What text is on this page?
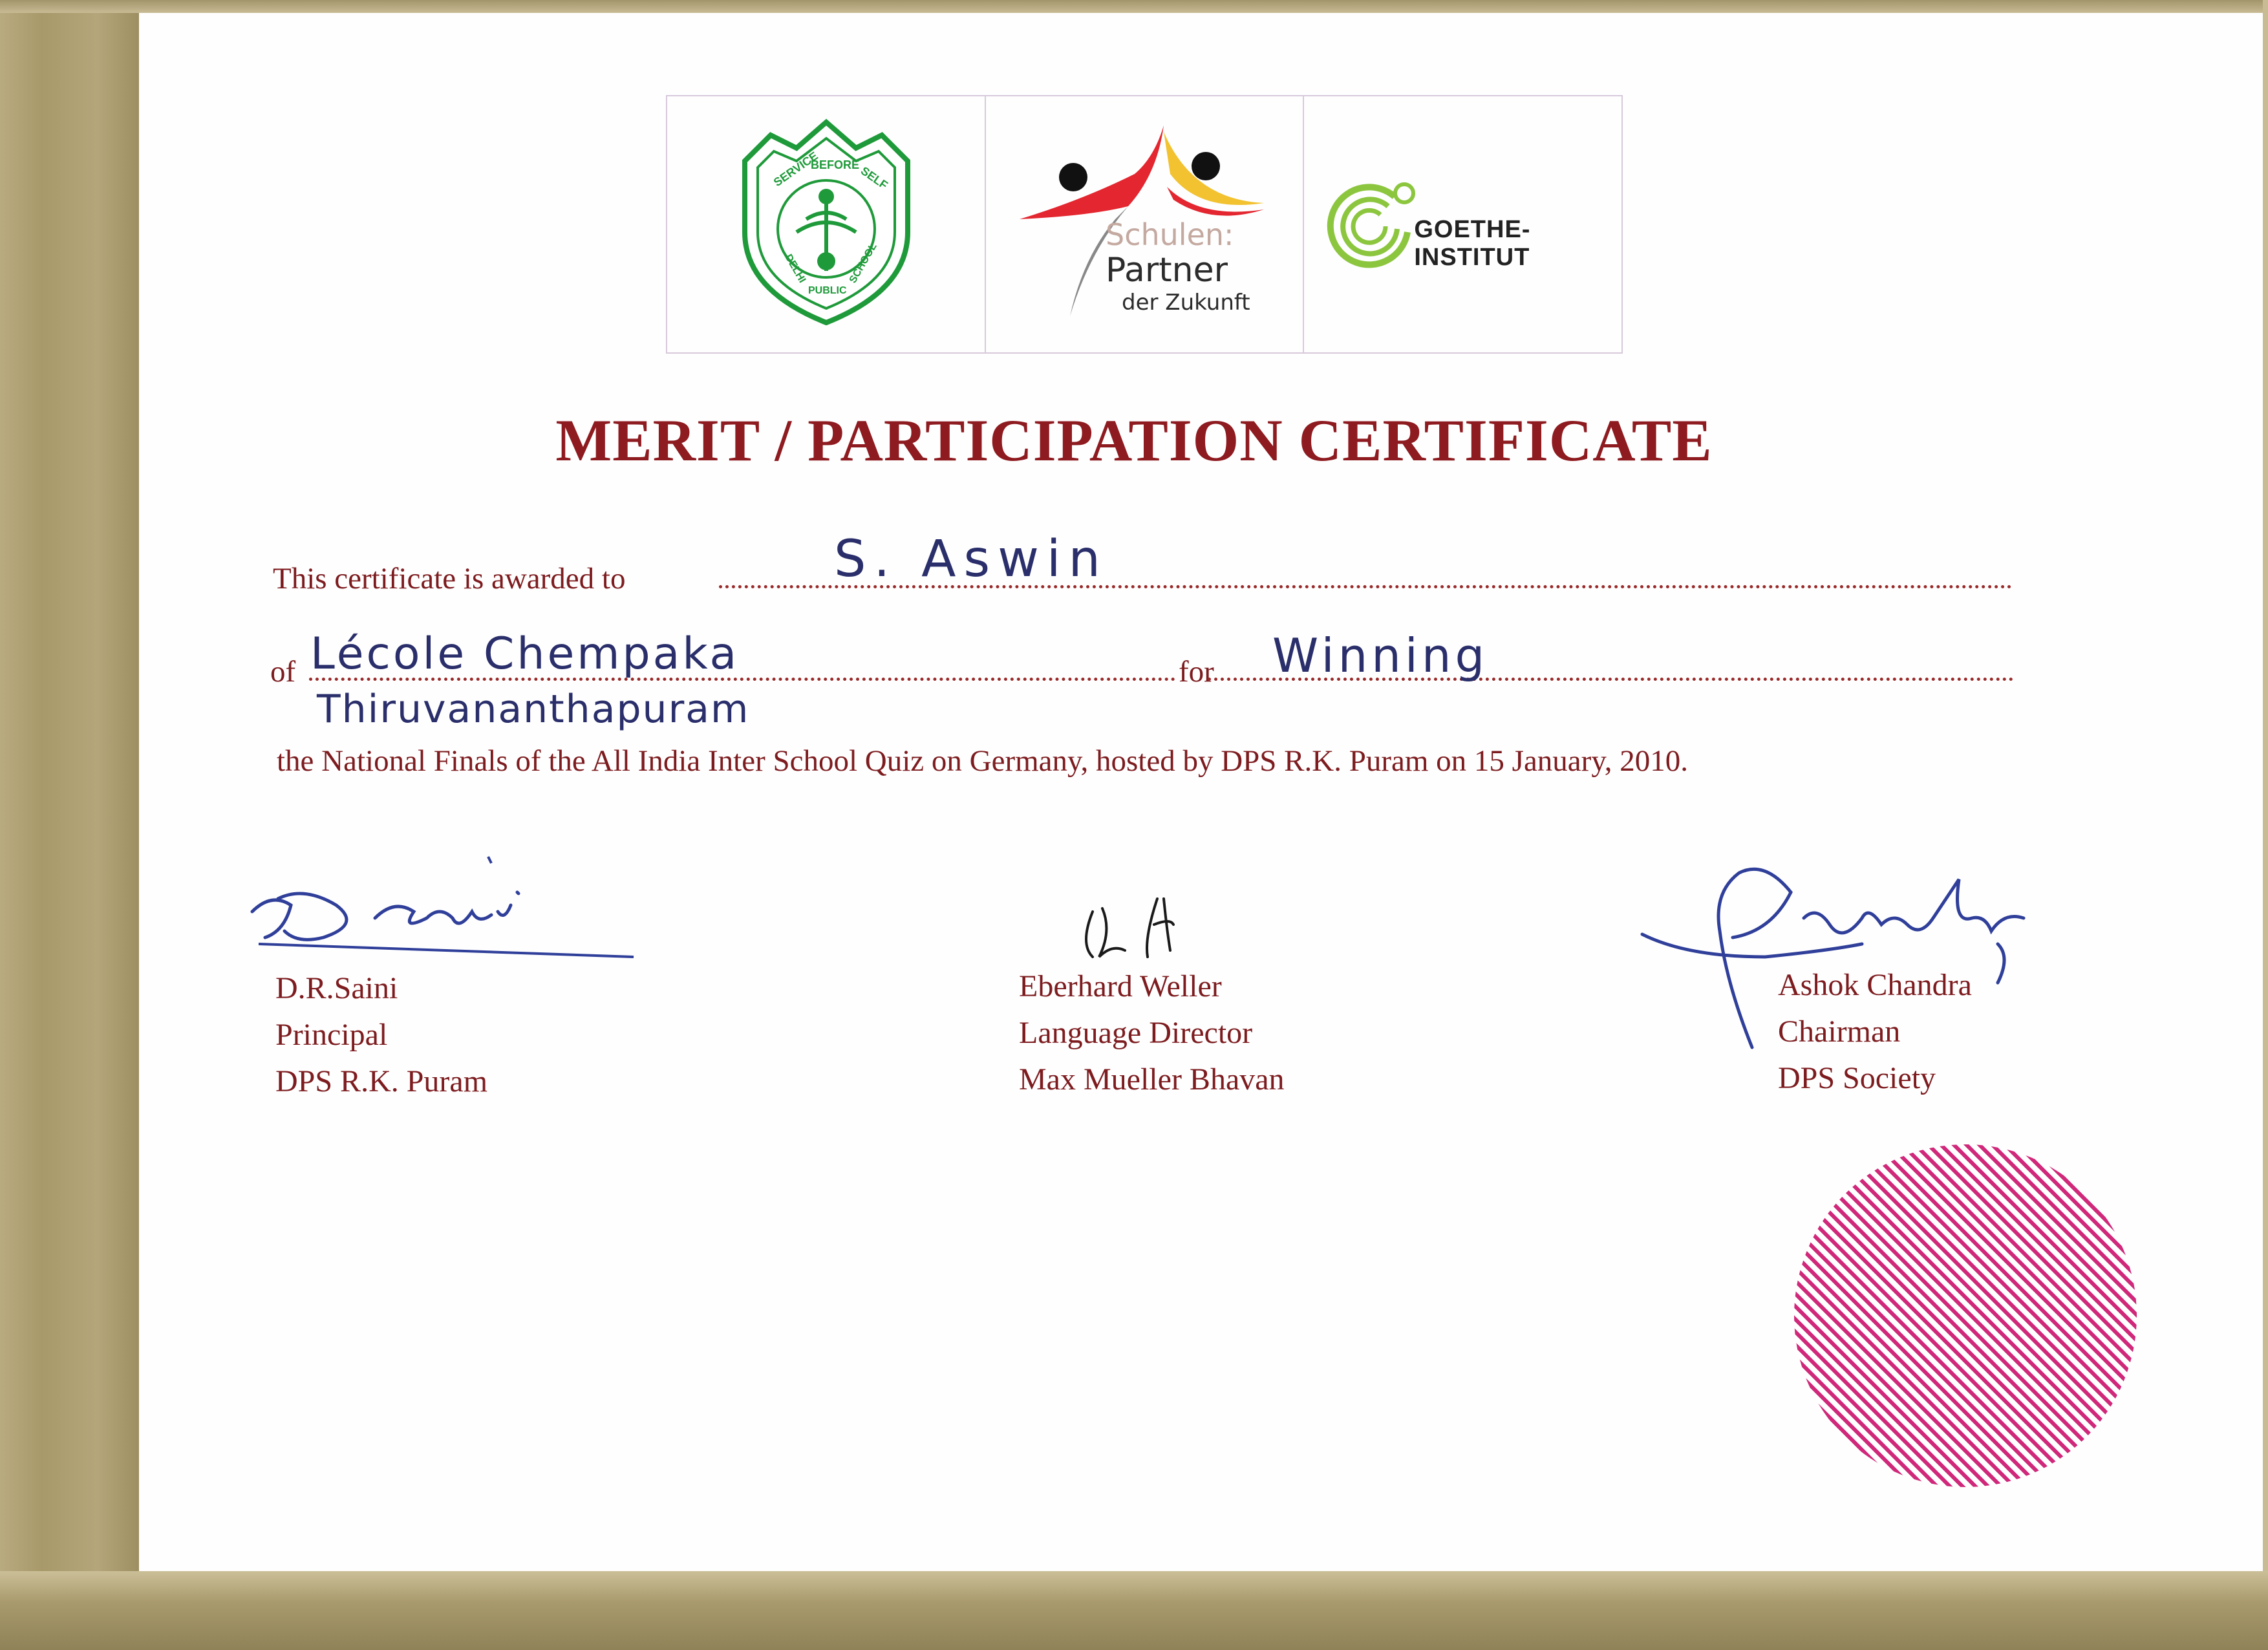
SERVICE
BEFORE
SELF
DELHI
PUBLIC
SCHOOL
Schulen:
Partner
der Zukunft
GOETHE-INSTITUT
MERIT / PARTICIPATION CERTIFICATE
This certificate is awarded to	S. Aswin
of Lécole Chempaka	for Winning
Thiruvananthapuram
the National Finals of the All India Inter School Quiz on Germany, hosted by DPS R.K. Puram on 15 January, 2010.
D.R.Saini
Principal
DPS R.K. Puram
Eberhard Weller
Language Director
Max Mueller Bhavan
Ashok Chandra
Chairman
DPS Society
